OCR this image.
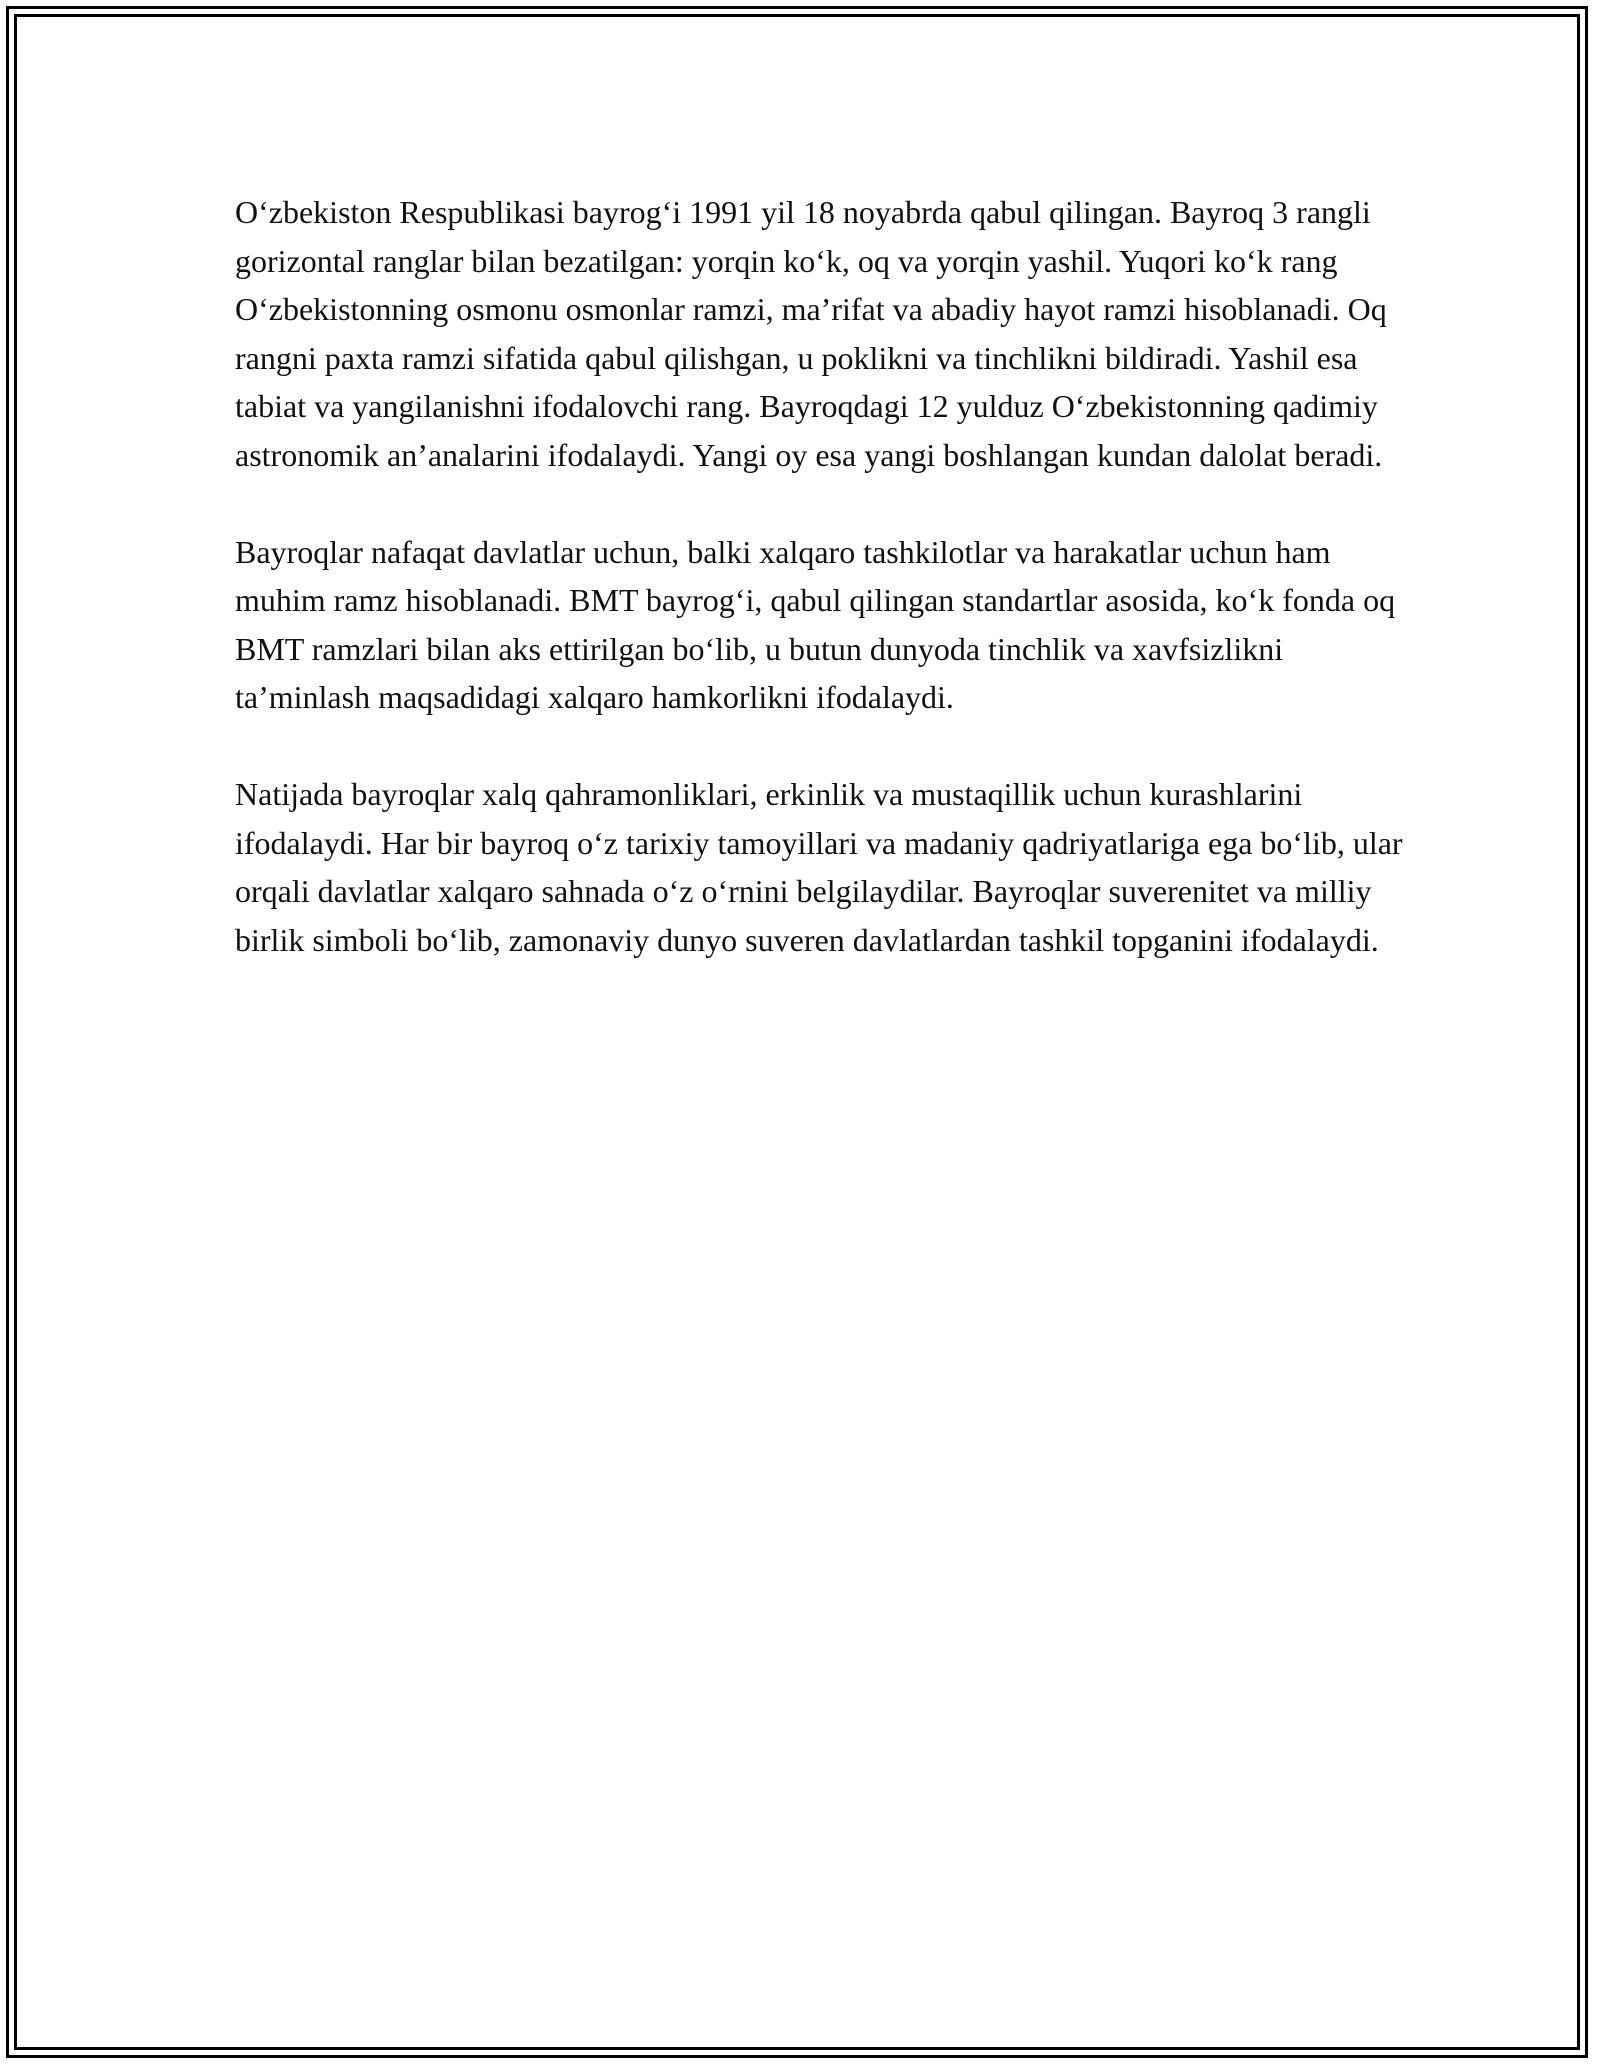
O‘zbekiston Respublikasi bayrog‘i 1991 yil 18 noyabrda qabul qilingan. Bayroq 3 rangli gorizontal ranglar bilan bezatilgan: yorqin ko‘k, oq va yorqin yashil. Yuqori ko‘k rang O‘zbekistonning osmonu osmonlar ramzi, ma’rifat va abadiy hayot ramzi hisoblanadi. Oq rangni paxta ramzi sifatida qabul qilishgan, u poklikni va tinchlikni bildiradi. Yashil esa tabiat va yangilanishni ifodalovchi rang. Bayroqdagi 12 yulduz O‘zbekistonning qadimiy astronomik an’analarini ifodalaydi. Yangi oy esa yangi boshlangan kundan dalolat beradi.

Bayroqlar nafaqat davlatlar uchun, balki xalqaro tashkilotlar va harakatlar uchun ham muhim ramz hisoblanadi. BMT bayrog‘i, qabul qilingan standartlar asosida, ko‘k fonda oq BMT ramzlari bilan aks ettirilgan bo‘lib, u butun dunyoda tinchlik va xavfsizlikni ta’minlash maqsadidagi xalqaro hamkorlikni ifodalaydi.

Natijada bayroqlar xalq qahramonliklari, erkinlik va mustaqillik uchun kurashlarini ifodalaydi. Har bir bayroq o‘z tarixiy tamoyillari va madaniy qadriyatlariga ega bo‘lib, ular orqali davlatlar xalqaro sahnada o‘z o‘rnini belgilaydilar. Bayroqlar suverenitet va milliy birlik simboli bo‘lib, zamonaviy dunyo suveren davlatlardan tashkil topganini ifodalaydi.
